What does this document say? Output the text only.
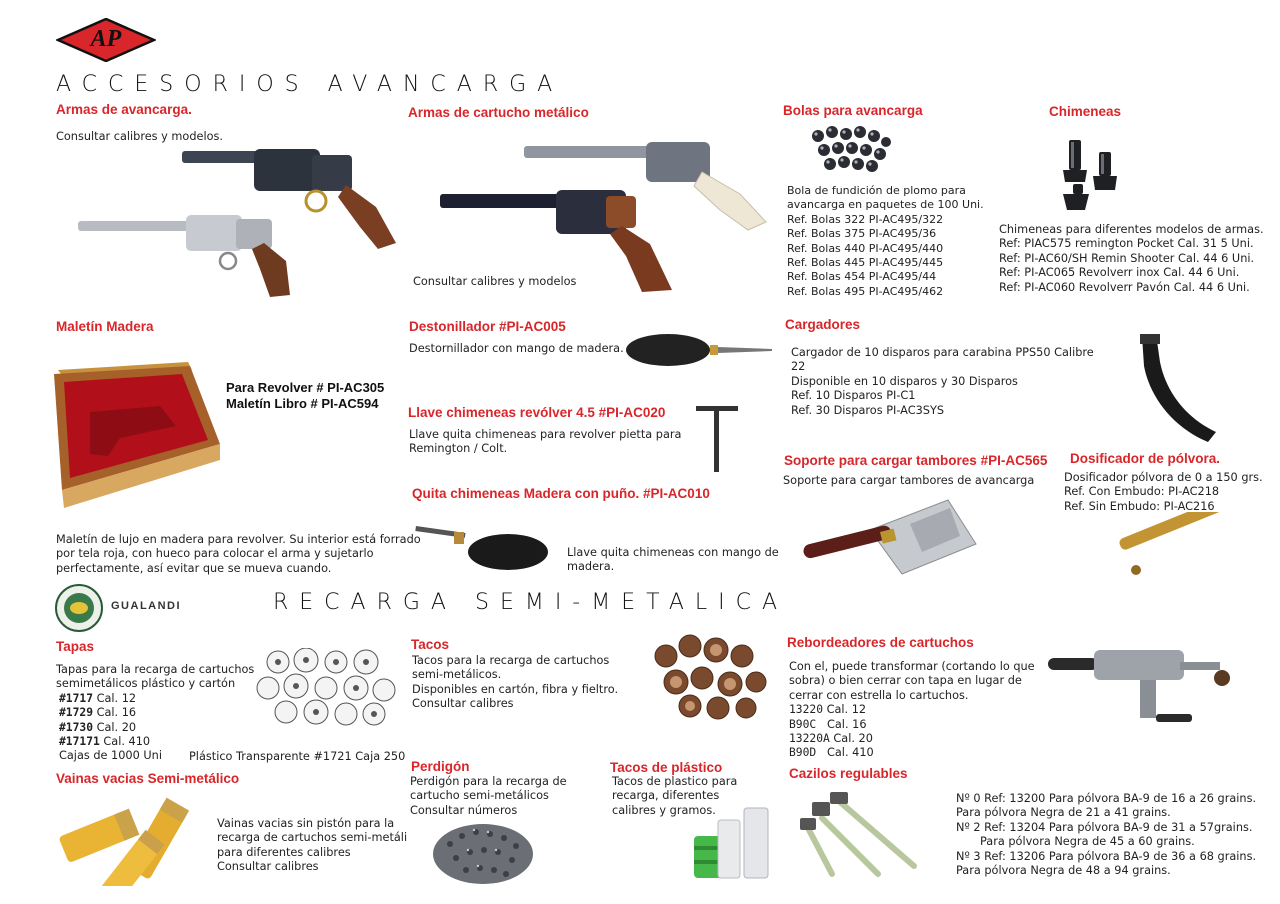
AP
ACCESORIOS AVANCARGA
Armas de avancarga.
Consultar calibres y modelos.
Armas de cartucho metálico
Consultar calibres y modelos
Bolas para avancarga
Bola de fundición de plomo para
avancarga en paquetes de 100 Uni.
Ref. Bolas 322 PI-AC495/322
Ref. Bolas 375 PI-AC495/36
Ref. Bolas 440 PI-AC495/440
Ref. Bolas 445 PI-AC495/445
Ref. Bolas 454 PI-AC495/44
Ref. Bolas 495 PI-AC495/462
Chimeneas
Chimeneas para diferentes modelos de armas.
Ref: PIAC575 remington Pocket Cal. 31 5 Uni.
Ref: PI-AC60/SH Remin Shooter Cal. 44 6 Uni.
Ref: PI-AC065 Revolverr inox Cal. 44 6 Uni.
Ref: PI-AC060 Revolverr Pavón Cal. 44 6 Uni.
Maletín Madera
Para Revolver # PI-AC305
Maletín Libro # PI-AC594
Maletín de lujo en madera para revolver. Su interior está forrado
por tela roja, con hueco para colocar el arma y sujetarlo
perfectamente, así evitar que se mueva cuando.
Destonillador #PI-AC005
Destornillador con mango de madera.
Llave chimeneas revólver 4.5 #PI-AC020
Llave quita chimeneas para revolver pietta para
Remington / Colt.
Quita chimeneas Madera con puño. #PI-AC010
Llave quita chimeneas con mango de
madera.
Cargadores
Cargador de 10 disparos para carabina PPS50 Calibre
22
Disponible en 10 disparos y 30 Disparos
Ref. 10 Disparos PI-C1
Ref. 30 Disparos PI-AC3SYS
Soporte para cargar tambores #PI-AC565
Soporte para cargar tambores de avancarga
Dosificador de pólvora.
Dosificador pólvora de 0 a 150 grs.
Ref. Con Embudo: PI-AC218
Ref. Sin Embudo: PI-AC216
GUALANDI	RECARGA SEMI-METALICA
Tapas
Tapas para la recarga de cartuchos
semimetálicos plástico y cartón
#1717 Cal. 12
#1729 Cal. 16
#1730 Cal. 20
#17171 Cal. 410
Cajas de 1000 Uni	Plástico Transparente #1721 Caja 250
Tacos
Tacos para la recarga de cartuchos
semi-metálicos.
Disponibles en cartón, fibra y fieltro.
Consultar calibres
Rebordeadores de cartuchos
Con el, puede transformar (cortando lo que
sobra) o bien cerrar con tapa en lugar de
cerrar con estrella lo cartuchos.
13220 Cal. 12
B90C Cal. 16
13220A Cal. 20
B90D Cal. 410
Vainas vacias Semi-metálico
Vainas vacias sin pistón para la
recarga de cartuchos semi-metáli
para diferentes calibres
Consultar calibres
Perdigón
Perdigón para la recarga de
cartucho semi-metálicos
Consultar números
Tacos de plástico
Tacos de plastico para
recarga, diferentes
calibres y gramos.
Cazilos regulables
Nº 0 Ref: 13200 Para pólvora BA-9 de 16 a 26 grains.
Para pólvora Negra de 21 a 41 grains.
Nº 2 Ref: 13204 Para pólvora BA-9 de 31 a 57grains.
Para pólvora Negra de 45 a 60 grains.
Nº 3 Ref: 13206 Para pólvora BA-9 de 36 a 68 grains.
Para pólvora Negra de 48 a 94 grains.
